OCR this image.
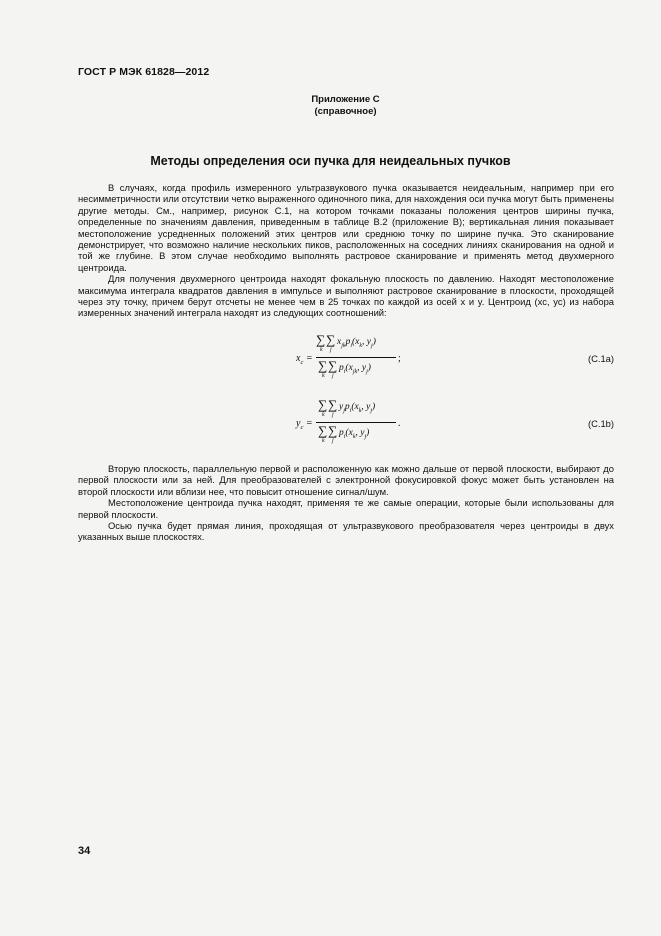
ГОСТ Р МЭК 61828—2012
Приложение С
(справочное)
Методы определения оси пучка для неидеальных пучков

В случаях, когда профиль измеренного ультразвукового пучка оказывается неидеальным, например при его несимметричности или отсутствии четко выраженного одиночного пика, для нахождения оси пучка могут быть применены другие методы. См., например, рисунок С.1, на котором точками показаны положения центров ширины пучка, определенные по значениям давления, приведенным в таблице В.2 (приложение В); вертикальная линия показывает местоположение усредненных положений этих центров или среднюю точку по ширине пучка. Это сканирование демонстрирует, что возможно наличие нескольких пиков, расположенных на соседних линиях сканирования на одной и той же глубине. В этом случае необходимо выполнять растровое сканирование и применять метод двухмерного центроида.

Для получения двухмерного центроида находят фокальную плоскость по давлению. Находят местоположение максимума интеграла квадратов давления в импульсе и выполняют растровое сканирование в плоскости, проходящей через эту точку, причем берут отсчеты не менее чем в 25 точках по каждой из осей x и y. Центроид (xc, yc) из набора измеренных значений интеграла находят из следующих соотношений:

$x_c$ =
∑
k
∑
j
$x_{jk}p_i(x_k$, $y_j$)
∑
k
∑
j
$p_i(x_{jk}$, $y_j$)
;	(C.1a)
$y_c$ =
∑
k
∑
j
$y_jp_i(x_k$, $y_j$)
∑
k
∑
j
$p_i(x_k$, $y_j$)
.	(C.1b)

Вторую плоскость, параллельную первой и расположенную как можно дальше от первой плоскости, выбирают до первой плоскости или за ней. Для преобразователей с электронной фокусировкой фокус может быть установлен на второй плоскости или вблизи нее, что повысит отношение сигнал/шум.

Местоположение центроида пучка находят, применяя те же самые операции, которые были использованы для первой плоскости.

Осью пучка будет прямая линия, проходящая от ультразвукового преобразователя через центроиды в двух указанных выше плоскостях.

34
